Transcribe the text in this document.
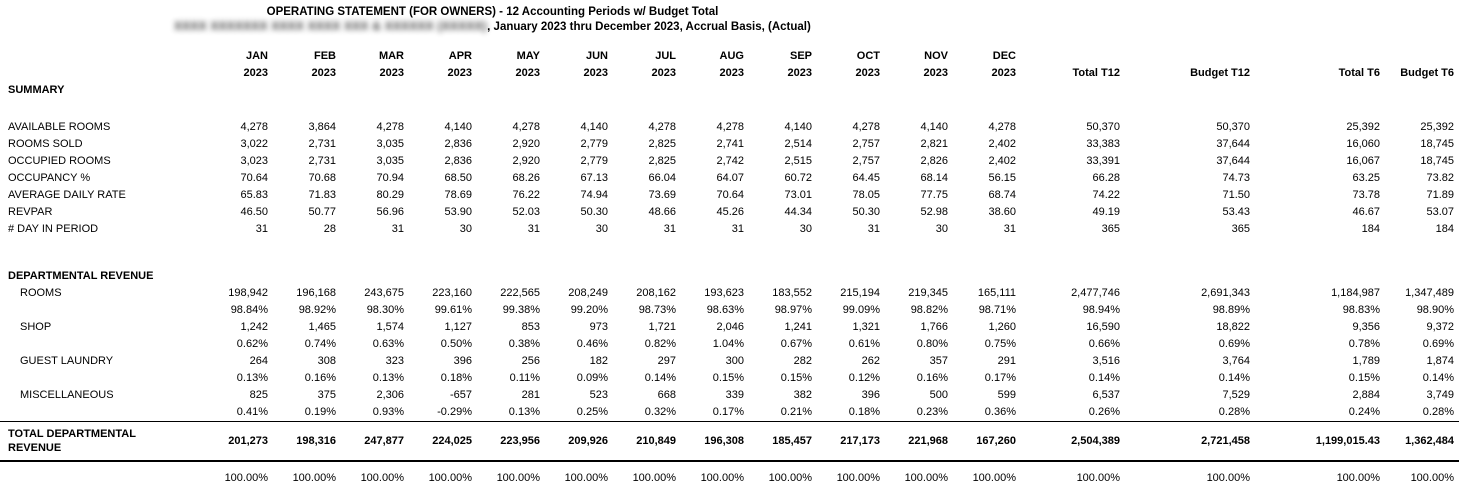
OPERATING STATEMENT (FOR OWNERS) - 12 Accounting Periods w/ Budget Total
XXXX XXXXXXX XXXX XXXX XXX & XXXXXX (XXXXX), January 2023 thru December 2023, Accrual Basis, (Actual)
	JAN	FEB	MAR	APR	MAY	JUN	JUL	AUG	SEP	OCT	NOV	DEC				
	2023	2023	2023	2023	2023	2023	2023	2023	2023	2023	2023	2023	Total T12	Budget T12	Total T6	Budget T6
SUMMARY																
AVAILABLE ROOMS	4,278	3,864	4,278	4,140	4,278	4,140	4,278	4,278	4,140	4,278	4,140	4,278	50,370	50,370	25,392	25,392
ROOMS SOLD	3,022	2,731	3,035	2,836	2,920	2,779	2,825	2,741	2,514	2,757	2,821	2,402	33,383	37,644	16,060	18,745
OCCUPIED ROOMS	3,023	2,731	3,035	2,836	2,920	2,779	2,825	2,742	2,515	2,757	2,826	2,402	33,391	37,644	16,067	18,745
OCCUPANCY %	70.64	70.68	70.94	68.50	68.26	67.13	66.04	64.07	60.72	64.45	68.14	56.15	66.28	74.73	63.25	73.82
AVERAGE DAILY RATE	65.83	71.83	80.29	78.69	76.22	74.94	73.69	70.64	73.01	78.05	77.75	68.74	74.22	71.50	73.78	71.89
REVPAR	46.50	50.77	56.96	53.90	52.03	50.30	48.66	45.26	44.34	50.30	52.98	38.60	49.19	53.43	46.67	53.07
# DAY IN PERIOD	31	28	31	30	31	30	31	31	30	31	30	31	365	365	184	184
DEPARTMENTAL REVENUE																
ROOMS	198,942	196,168	243,675	223,160	222,565	208,249	208,162	193,623	183,552	215,194	219,345	165,111	2,477,746	2,691,343	1,184,987	1,347,489
	98.84%	98.92%	98.30%	99.61%	99.38%	99.20%	98.73%	98.63%	98.97%	99.09%	98.82%	98.71%	98.94%	98.89%	98.83%	98.90%
SHOP	1,242	1,465	1,574	1,127	853	973	1,721	2,046	1,241	1,321	1,766	1,260	16,590	18,822	9,356	9,372
	0.62%	0.74%	0.63%	0.50%	0.38%	0.46%	0.82%	1.04%	0.67%	0.61%	0.80%	0.75%	0.66%	0.69%	0.78%	0.69%
GUEST LAUNDRY	264	308	323	396	256	182	297	300	282	262	357	291	3,516	3,764	1,789	1,874
	0.13%	0.16%	0.13%	0.18%	0.11%	0.09%	0.14%	0.15%	0.15%	0.12%	0.16%	0.17%	0.14%	0.14%	0.15%	0.14%
MISCELLANEOUS	825	375	2,306	-657	281	523	668	339	382	396	500	599	6,537	7,529	2,884	3,749
	0.41%	0.19%	0.93%	-0.29%	0.13%	0.25%	0.32%	0.17%	0.21%	0.18%	0.23%	0.36%	0.26%	0.28%	0.24%	0.28%

TOTAL DEPARTMENTAL REVENUE	201,273	198,316	247,877	224,025	223,956	209,926	210,849	196,308	185,457	217,173	221,968	167,260	2,504,389	2,721,458	1,199,015.43	1,362,484
	100.00%	100.00%	100.00%	100.00%	100.00%	100.00%	100.00%	100.00%	100.00%	100.00%	100.00%	100.00%	100.00%	100.00%	100.00%	100.00%
